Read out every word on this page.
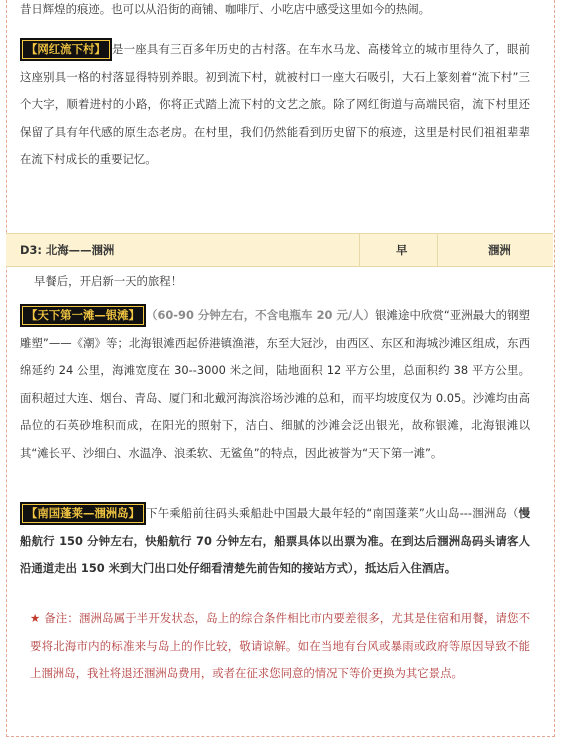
昔日辉煌的痕迹。也可以从沿街的商铺、咖啡厅、小吃店中感受这里如今的热闹。

【网红流下村】 是一座具有三百多年历史的古村落。在车水马龙、高楼耸立的城市里待久了，眼前这座别具一格的村落显得特别养眼。初到流下村，就被村口一座大石吸引，大石上篆刻着“流下村”三个大字，顺着进村的小路，你将正式踏上流下村的文艺之旅。除了网红街道与高端民宿，流下村里还保留了具有年代感的原生态老房。在村里，我们仍然能看到历史留下的痕迹，这里是村民们祖祖辈辈在流下村成长的重要记忆。

D3: 北海——涠洲	早	涠洲

早餐后，开启新一天的旅程！

【天下第一滩—银滩】 （60-90 分钟左右，不含电瓶车 20 元/人）银滩途中欣赏“亚洲最大的钢塑雕塑”——《潮》等；北海银滩西起侨港镇渔港，东至大冠沙，由西区、东区和海城沙滩区组成，东西绵延约 24 公里，海滩宽度在 30--3000 米之间，陆地面积 12 平方公里，总面积约 38 平方公里。面积超过大连、烟台、青岛、厦门和北戴河海滨浴场沙滩的总和，而平均坡度仅为 0.05。沙滩均由高品位的石英砂堆积而成，在阳光的照射下，洁白、细腻的沙滩会泛出银光，故称银滩，北海银滩以其“滩长平、沙细白、水温净、浪柔软、无鲨鱼”的特点，因此被誉为“天下第一滩”。

【南国蓬莱—涠洲岛】 下午乘船前往码头乘船赴中国最大最年轻的“南国蓬莱”火山岛---涠洲岛（慢船航行 150 分钟左右，快船航行 70 分钟左右，船票具体以出票为准。在到达后涠洲岛码头请客人沿通道走出 150 米到大门出口处仔细看清楚先前告知的接站方式），抵达后入住酒店。

★ 备注：涠洲岛属于半开发状态，岛上的综合条件相比市内要差很多，尤其是住宿和用餐，请您不要将北海市内的标准来与岛上的作比较，敬请谅解。如在当地有台风或暴雨或政府等原因导致不能上涠洲岛，我社将退还涠洲岛费用，或者在征求您同意的情况下等价更换为其它景点。
